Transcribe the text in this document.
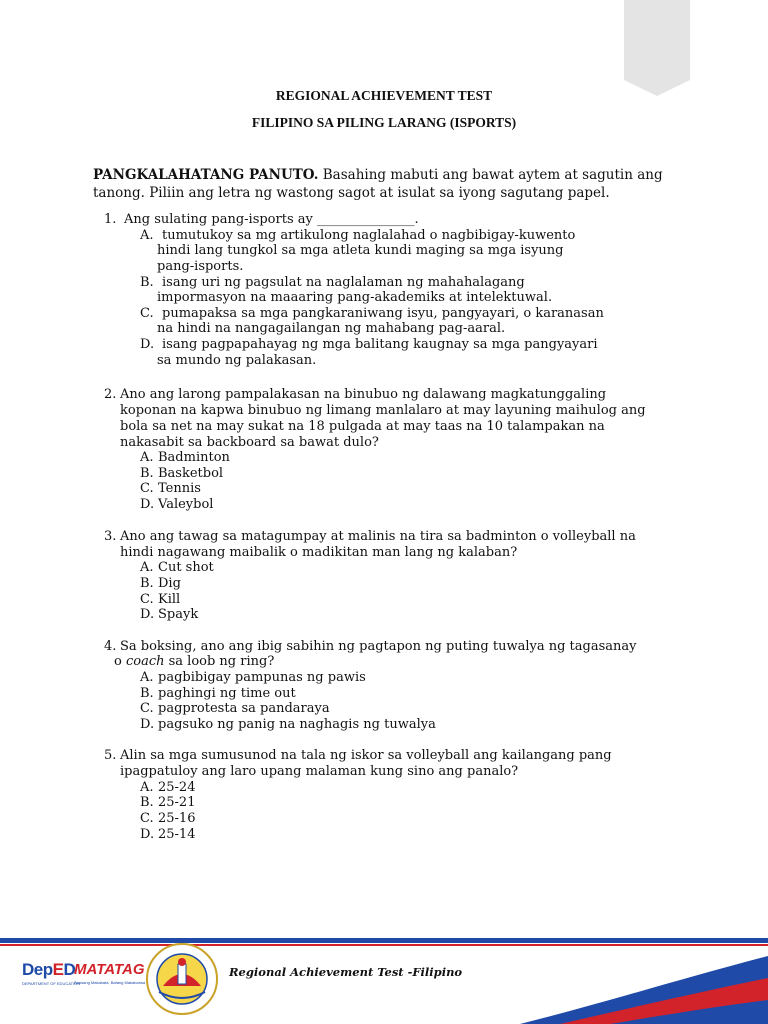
REGIONAL ACHIEVEMENT TEST
FILIPINO SA PILING LARANG (ISPORTS)
PANGKALAHATANG PANUTO. Basahing mabuti ang bawat aytem at sagutin ang tanong. Piliin ang letra ng wastong sagot at isulat sa iyong sagutang papel.
1. Ang sulating pang-isports ay _______________.
A. tumutukoy sa mg artikulong naglalahad o nagbibigay-kuwento
hindi lang tungkol sa mga atleta kundi maging sa mga isyung
pang-isports.
B. isang uri ng pagsulat na naglalaman ng mahahalagang
impormasyon na maaaring pang-akademiks at intelektuwal.
C. pumapaksa sa mga pangkaraniwang isyu, pangyayari, o karanasan
na hindi na nangagailangan ng mahabang pag-aaral.
D. isang pagpapahayag ng mga balitang kaugnay sa mga pangyayari
sa mundo ng palakasan.
2. Ano ang larong pampalakasan na binubuo ng dalawang magkatunggaling
koponan na kapwa binubuo ng limang manlalaro at may layuning maihulog ang
bola sa net na may sukat na 18 pulgada at may taas na 10 talampakan na
nakasabit sa backboard sa bawat dulo?
A. Badminton
B. Basketbol
C. Tennis
D. Valeybol
3. Ano ang tawag sa matagumpay at malinis na tira sa badminton o volleyball na
hindi nagawang maibalik o madikitan man lang ng kalaban?
A. Cut shot
B. Dig
C. Kill
D. Spayk
4. Sa boksing, ano ang ibig sabihin ng pagtapon ng puting tuwalya ng tagasanay
o coach sa loob ng ring?
A. pagbibigay pampunas ng pawis
B. paghingi ng time out
C. pagprotesta sa pandaraya
D. pagsuko ng panig na naghagis ng tuwalya
5. Alin sa mga sumusunod na tala ng iskor sa volleyball ang kailangang pang
ipagpatuloy ang laro upang malaman kung sino ang panalo?
A. 25-24
B. 25-21
C. 25-16
D. 25-14
DepED
DEPARTMENT OF EDUCATION
MATATAG
Bansang Makabata, Batang Makabansa
Regional Achievement Test -Filipino
